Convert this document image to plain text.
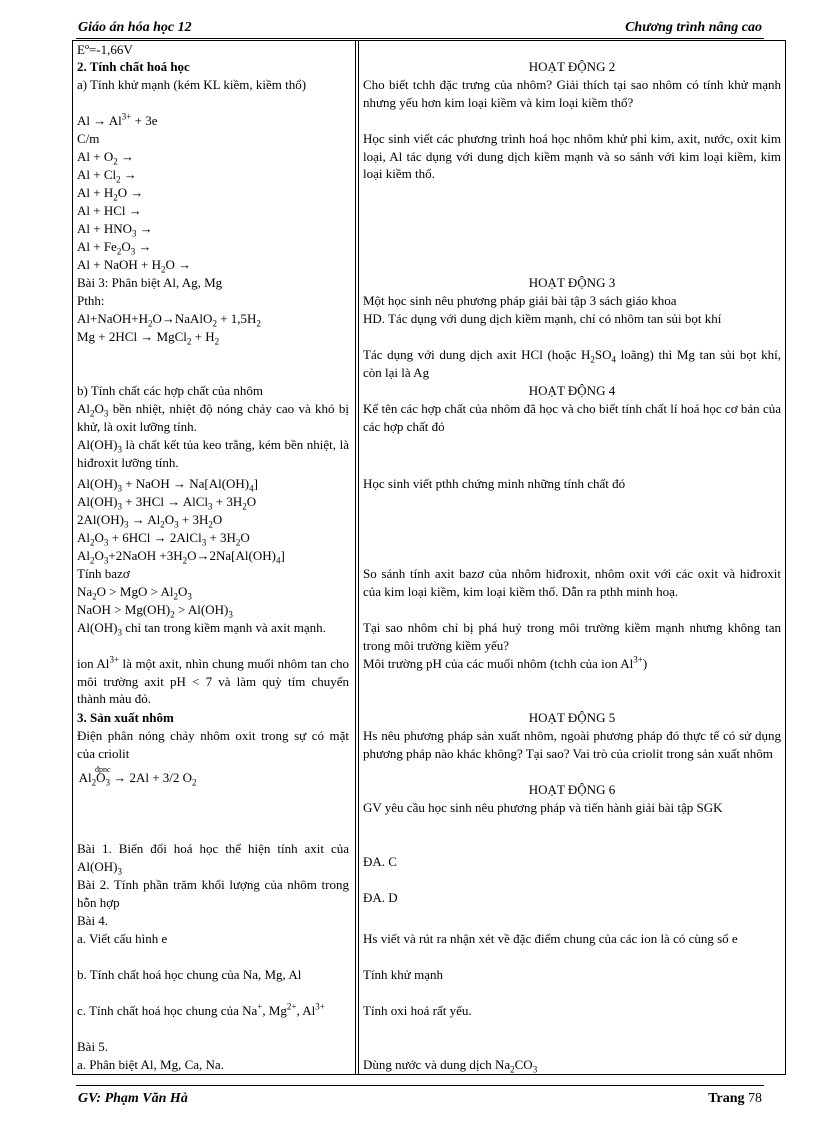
Giáo án hóa học 12	Chương trình nâng cao
Eº=-1,66V
2. Tính chất hoá học
a) Tính khử mạnh (kém KL kiềm, kiềm thổ)
$Al \to Al^{3+} + 3e$
C/m
$Al + O_2$ →
$Al + Cl_2$ →
$Al + H_2O$ →
Al + HCl →
$Al + HNO_3$ →
$Al + Fe_2O_3$ →
Al + NaOH + $H_2O$ →
Bài 3: Phân biệt Al, Ag, Mg
Pthh:
$Al+NaOH+H_2O\to NaAlO_2 + 1,5H_2$
Mg + 2HCl → MgCl$_2$ + $H_2$
b) Tính chất các hợp chất của nhôm
$Al_2O_3$ bền nhiệt, nhiệt độ nóng chảy cao và khó bị khử, là oxit lưỡng tính.
$Al(OH)_3$ là chất kết tủa keo trắng, kém bền nhiệt, là hiđroxit lưỡng tính.
$Al(OH)_3$ + NaOH → $Na[Al(OH)_4]$
$Al(OH)_3 + 3HCl$ → AlCl$_3$ + $3H_2O$
$2Al(OH)_3 \to Al_2O_3 + 3H_2O$
$Al_2O_3 + 6HCl$ → 2AlCl$_3$ + $3H_2O$
$Al_2O_3+2NaOH +3H_2O\to 2Na[Al(OH)_4]$
Tính bazơ
$Na_2O$ > MgO > $Al_2O_3$
NaOH > $Mg(OH)_2 > Al(OH)_3$
$Al(OH)_3$ chỉ tan trong kiềm mạnh và axit mạnh.
ion $Al^{3+}$ là một axit, nhìn chung muối nhôm tan cho môi trường axit pH < 7 và làm quỳ tím chuyển thành màu đỏ.
3. Sản xuất nhôm
Điện phân nóng chảy nhôm oxit trong sự có mặt của criolit
$^{đpnc}Al_2O_3 \to 2Al + 3/2$ $O_2$
Bài 1. Biến đổi hoá học thể hiện tính axit của $Al(OH)_3$
Bài 2. Tính phần trăm khối lượng của nhôm trong hỗn hợp
Bài 4.
a. Viết cấu hình e
b. Tính chất hoá học chung của Na, Mg, Al
c. Tính chất hoá học chung của Na+, $Mg^{2+}$, $Al^{3+}$
Bài 5.
a. Phân biệt Al, Mg, Ca, Na.
HOẠT ĐỘNG 2
Cho biết tchh đặc trưng của nhôm? Giải thích tại sao nhôm có tính khử mạnh nhưng yếu hơn kim loại kiềm và kim loại kiềm thổ?
Học sinh viết các phương trình hoá học nhôm khử phi kim, axit, nước, oxit kim loại, Al tác dụng với dung dịch kiềm mạnh và so sánh với kim loại kiềm, kim loại kiềm thổ.
HOẠT ĐỘNG 3
Một học sinh nêu phương pháp giải bài tập 3 sách giáo khoa
HD. Tác dụng với dung dịch kiềm mạnh, chỉ có nhôm tan sủi bọt khí
Tác dụng với dung dịch axit HCl (hoặc $H_2SO_4$ loãng) thì Mg tan sủi bọt khí, còn lại là Ag
HOẠT ĐỘNG 4
Kể tên các hợp chất của nhôm đã học và cho biết tính chất lí hoá học cơ bản của các hợp chất đó
Học sinh viết pthh chứng minh những tính chất đó
So sánh tính axit bazơ của nhôm hiđroxit, nhôm oxit với các oxit và hiđroxit của kim loại kiềm, kim loại kiềm thổ. Dẫn ra pthh minh hoạ.
Tại sao nhôm chỉ bị phá huỷ trong môi trường kiềm mạnh nhưng không tan trong môi trường kiềm yếu?
Môi trường pH của các muối nhôm (tchh của ion $Al^{3+}$)
HOẠT ĐỘNG 5
Hs nêu phương pháp sản xuất nhôm, ngoài phương pháp đó thực tế có sử dụng phương pháp nào khác không? Tại sao? Vai trò của criolit trong sản xuất nhôm
HOẠT ĐỘNG 6
GV yêu cầu học sinh nêu phương pháp và tiến hành giải bài tập SGK
ĐA. C
ĐA. D
Hs viết và rút ra nhận xét về đặc điểm chung của các ion là có cùng số e
Tính khử mạnh
Tính oxi hoá rất yếu.
Dùng nước và dung dịch $Na_2CO_3$
GV: Phạm Văn Hà	Trang 78
